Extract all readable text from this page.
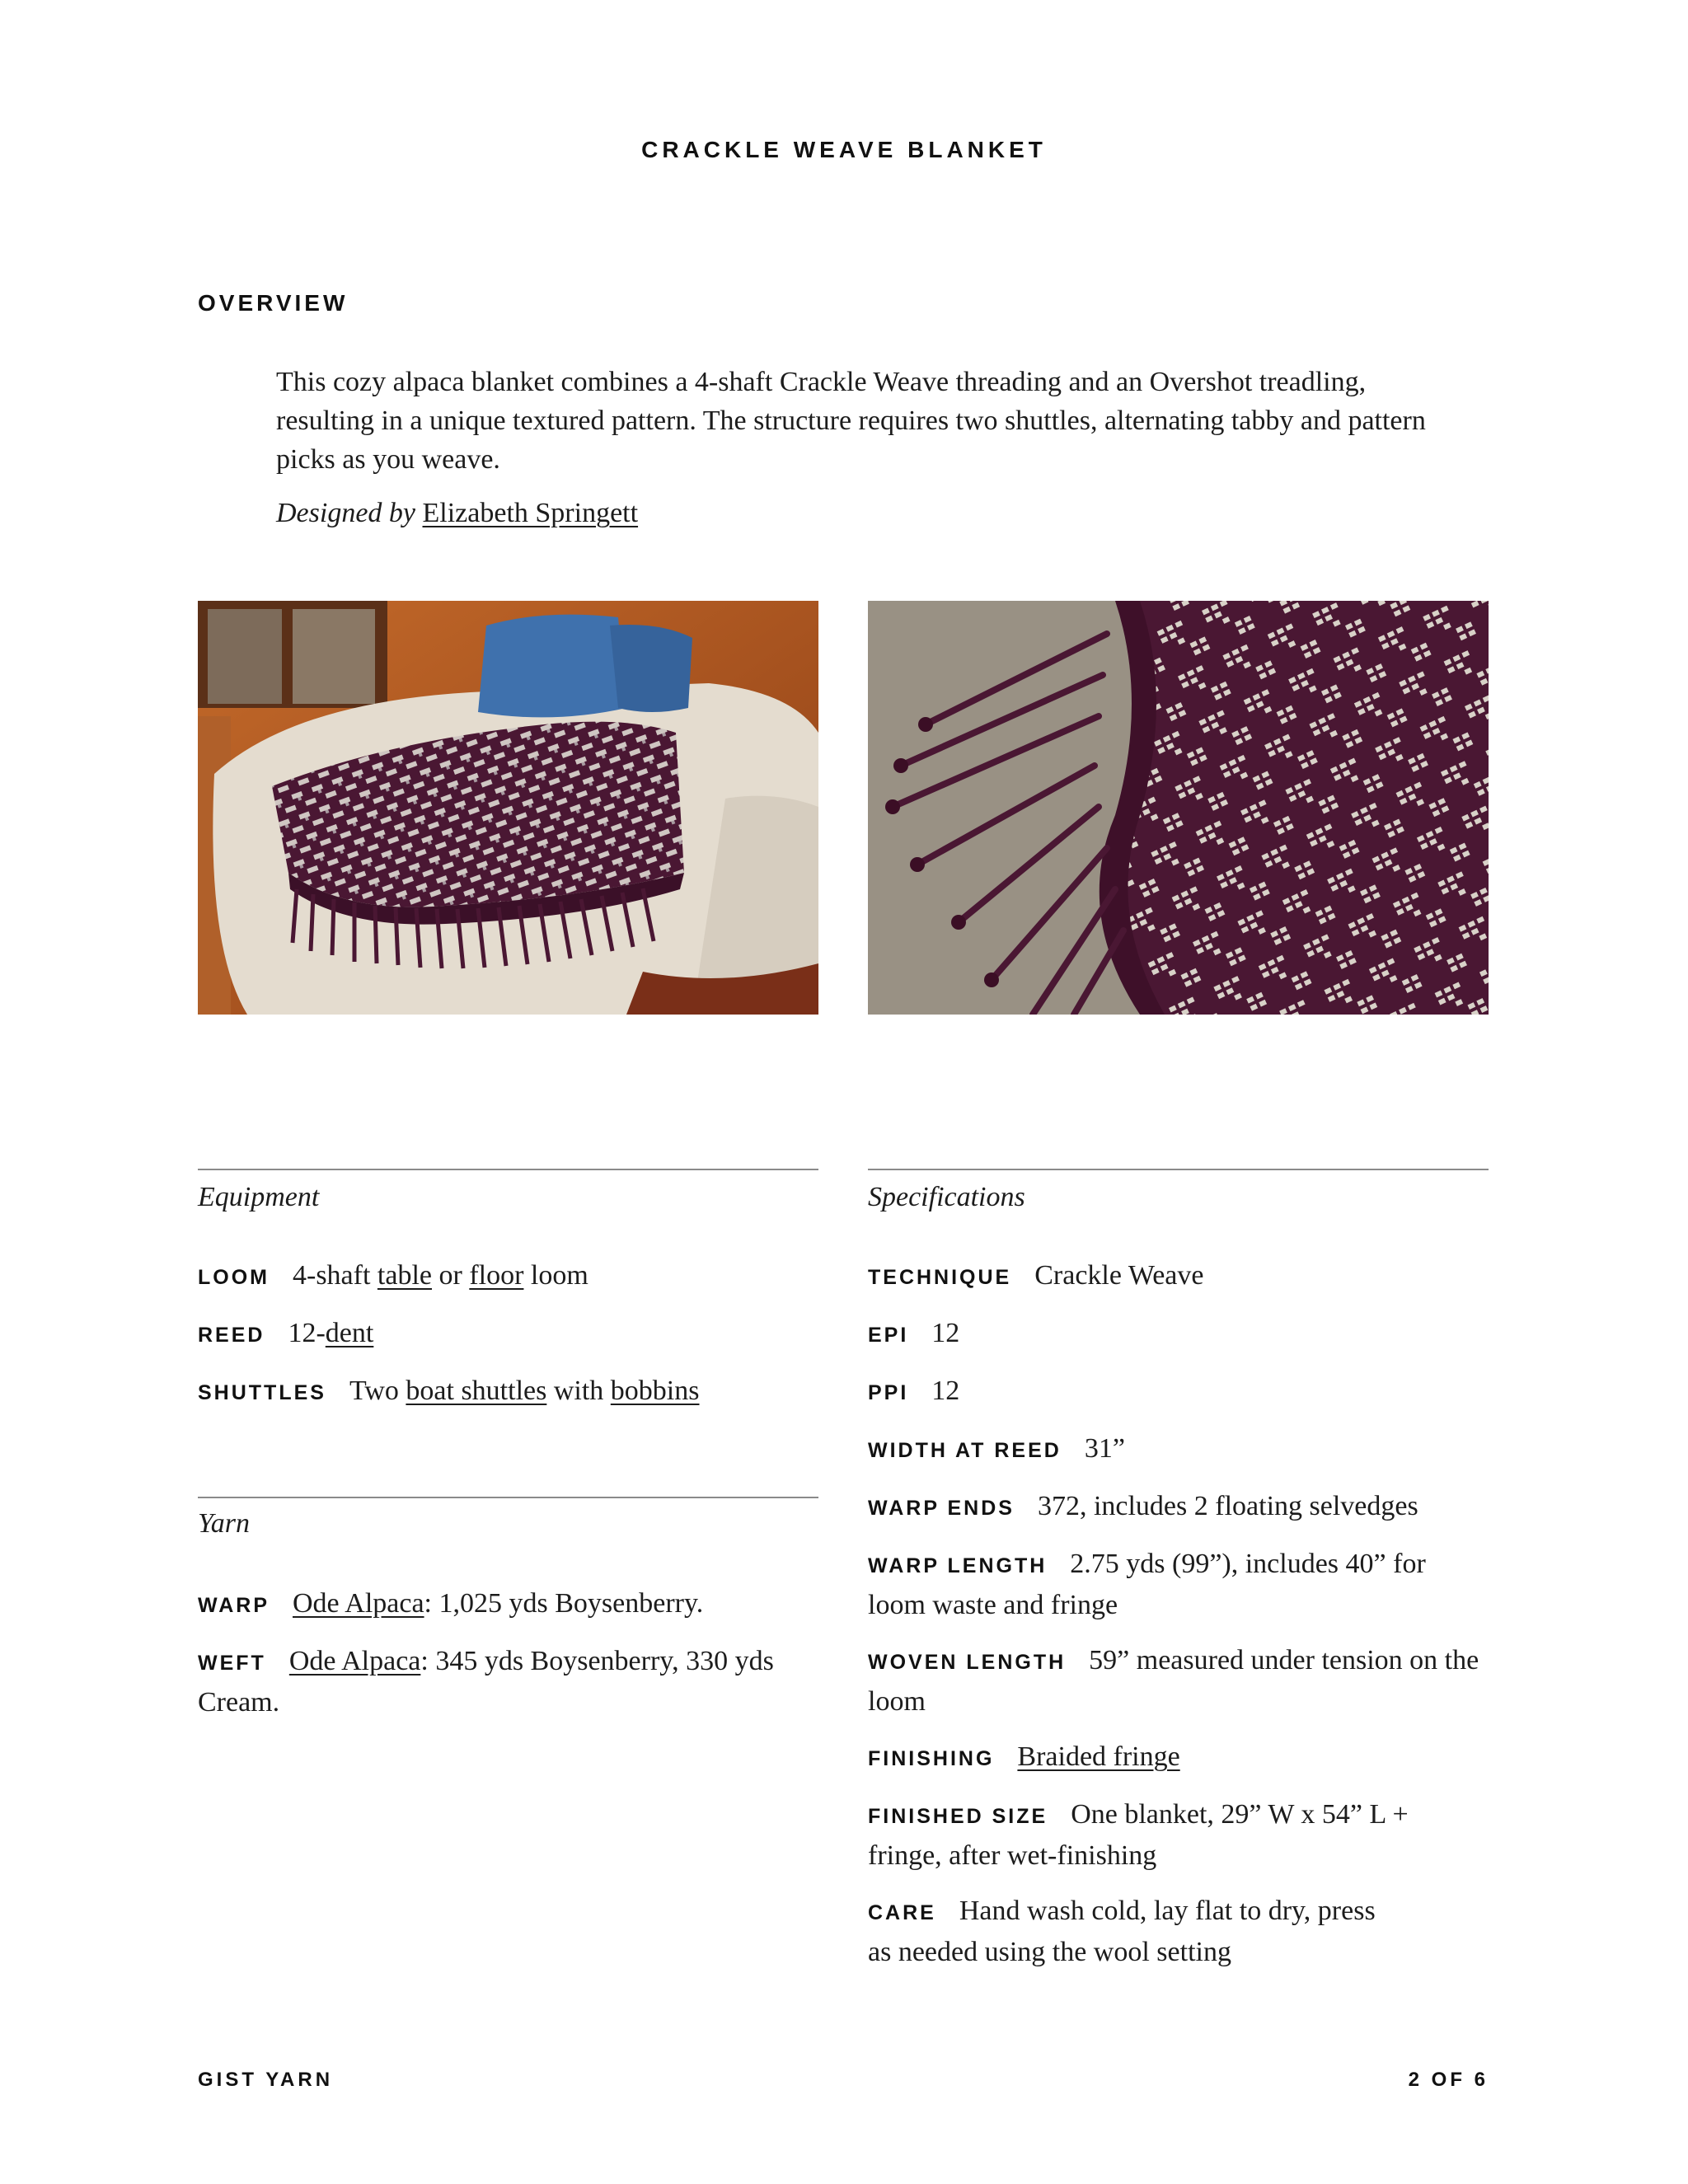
CRACKLE WEAVE BLANKET
OVERVIEW
This cozy alpaca blanket combines a 4-shaft Crackle Weave threading and an Overshot treadling, resulting in a unique textured pattern. The structure requires two shuttles, alternating tabby and pattern picks as you weave.
Designed by Elizabeth Springett
Equipment
LOOM 4-shaft table or floor loom
REED 12-dent
SHUTTLES Two boat shuttles with bobbins
Yarn
WARP Ode Alpaca: 1,025 yds Boysenberry.
WEFT Ode Alpaca: 345 yds Boysenberry, 330 yds Cream.
Specifications
TECHNIQUE Crackle Weave
EPI 12
PPI 12
WIDTH AT REED 31”
WARP ENDS 372, includes 2 floating selvedges
WARP LENGTH 2.75 yds (99”), includes 40” for loom waste and fringe
WOVEN LENGTH 59” measured under tension on the loom
FINISHING Braided fringe
FINISHED SIZE One blanket, 29” W x 54” L + fringe, after wet-finishing
CARE Hand wash cold, lay flat to dry, press
as needed using the wool setting
GIST YARN	2 OF 6
